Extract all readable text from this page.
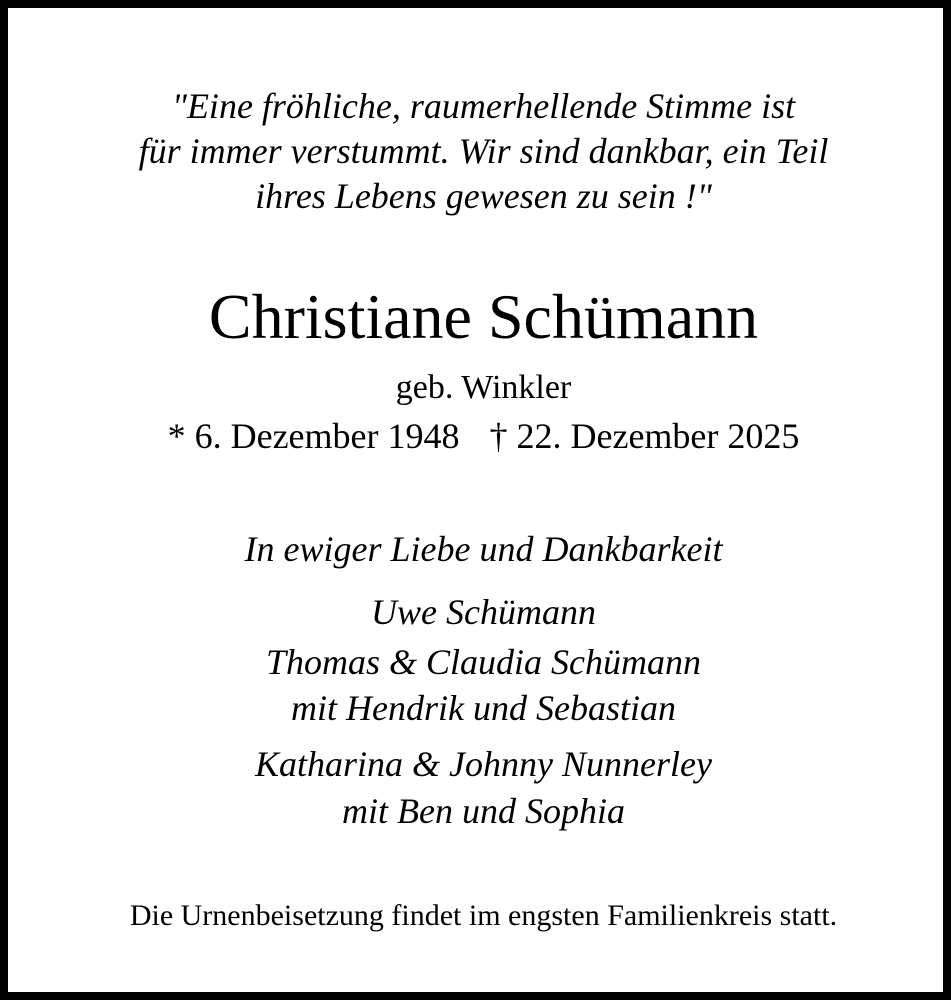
"Eine fröhliche, raumerhellende Stimme ist
für immer verstummt. Wir sind dankbar, ein Teil
ihres Lebens gewesen zu sein !"
Christiane Schümann
geb. Winkler
* 6. Dezember 1948 † 22. Dezember 2025
In ewiger Liebe und Dankbarkeit
Uwe Schümann
Thomas & Claudia Schümann
mit Hendrik und Sebastian
Katharina & Johnny Nunnerley
mit Ben und Sophia
Die Urnenbeisetzung findet im engsten Familienkreis statt.
